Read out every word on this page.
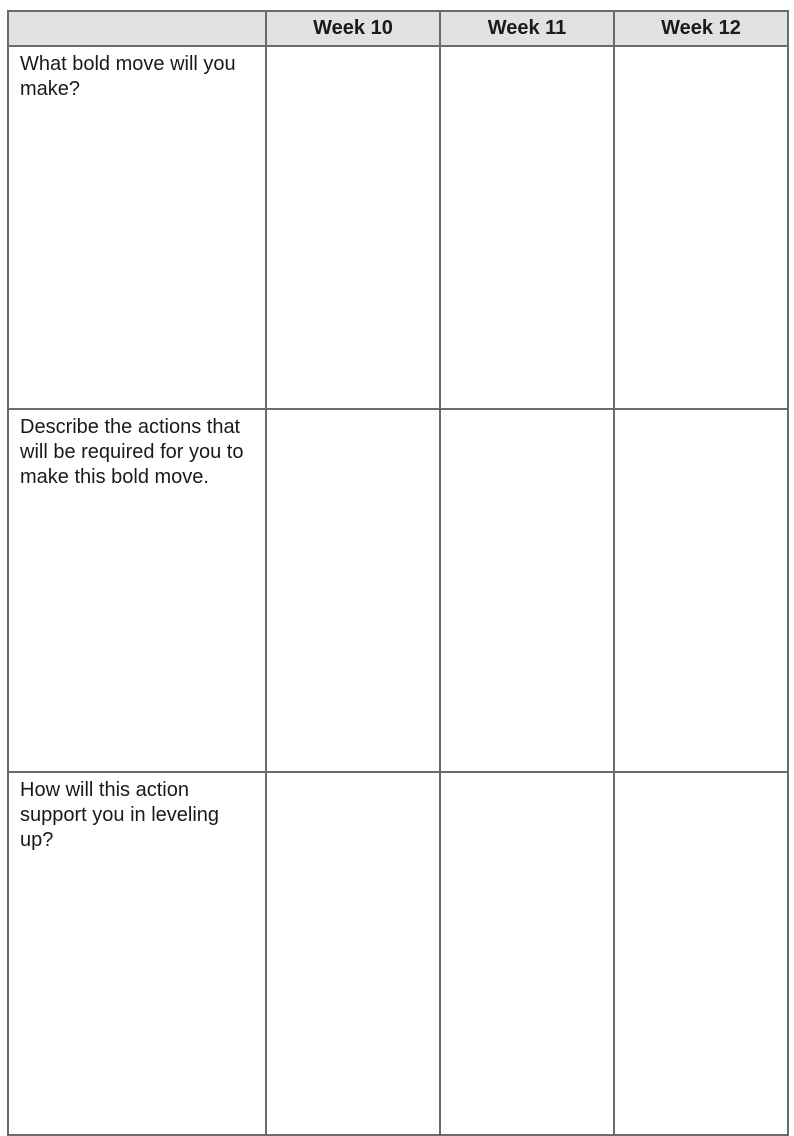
	Week 10	Week 11	Week 12
What bold move will you make?			
Describe the actions that will be required for you to make this bold move.			
How will this action support you in leveling up?			
